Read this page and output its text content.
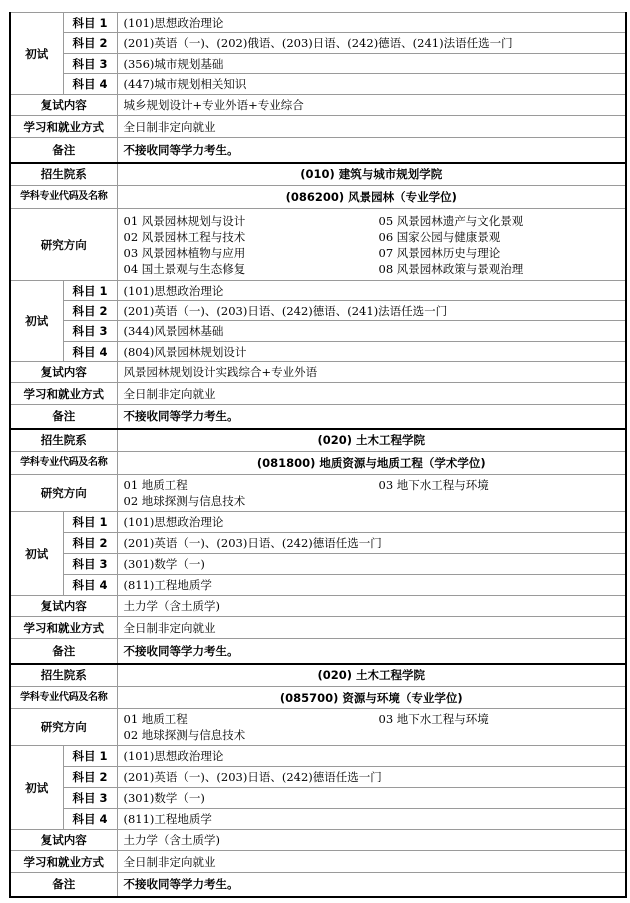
初试	科目 1	(101)思想政治理论
	科目 2	(201)英语（一)、(202)俄语、(203)日语、(242)德语、(241)法语任选一门
	科目 3	(356)城市规划基础
	科目 4	(447)城市规划相关知识
复试内容		城乡规划设计+专业外语+专业综合
学习和就业方式		全日制非定向就业
备注		不接收同等学力考生。
招生院系		(010) 建筑与城市规划学院
学科专业代码及名称		(086200) 风景园林（专业学位)
研究方向	
01 风景园林规划与设计	05 风景园林遗产与文化景观
02 风景园林工程与技术	06 国家公园与健康景观
03 风景园林植物与应用	07 风景园林历史与理论
04 国土景观与生态修复	08 风景园林政策与景观治理

初试	科目 1	(101)思想政治理论
	科目 2	(201)英语（一)、(203)日语、(242)德语、(241)法语任选一门
	科目 3	(344)风景园林基础
	科目 4	(804)风景园林规划设计
复试内容		风景园林规划设计实践综合+专业外语
学习和就业方式		全日制非定向就业
备注		不接收同等学力考生。
招生院系		(020) 土木工程学院
学科专业代码及名称		(081800) 地质资源与地质工程（学术学位)
研究方向		01 地质工程 03 地下水工程与环境
02 地球探测与信息技术

初试	科目 1	(101)思想政治理论
	科目 2	(201)英语（一)、(203)日语、(242)德语任选一门
	科目 3	(301)数学（一)
	科目 4	(811)工程地质学
复试内容		土力学（含土质学)
学习和就业方式		全日制非定向就业
备注		不接收同等学力考生。
招生院系		(020) 土木工程学院
学科专业代码及名称		(085700) 资源与环境（专业学位)
研究方向		01 地质工程 03 地下水工程与环境
02 地球探测与信息技术

初试	科目 1	(101)思想政治理论
	科目 2	(201)英语（一)、(203)日语、(242)德语任选一门
	科目 3	(301)数学（一)
	科目 4	(811)工程地质学
复试内容		土力学（含土质学)
学习和就业方式		全日制非定向就业
备注		不接收同等学力考生。
